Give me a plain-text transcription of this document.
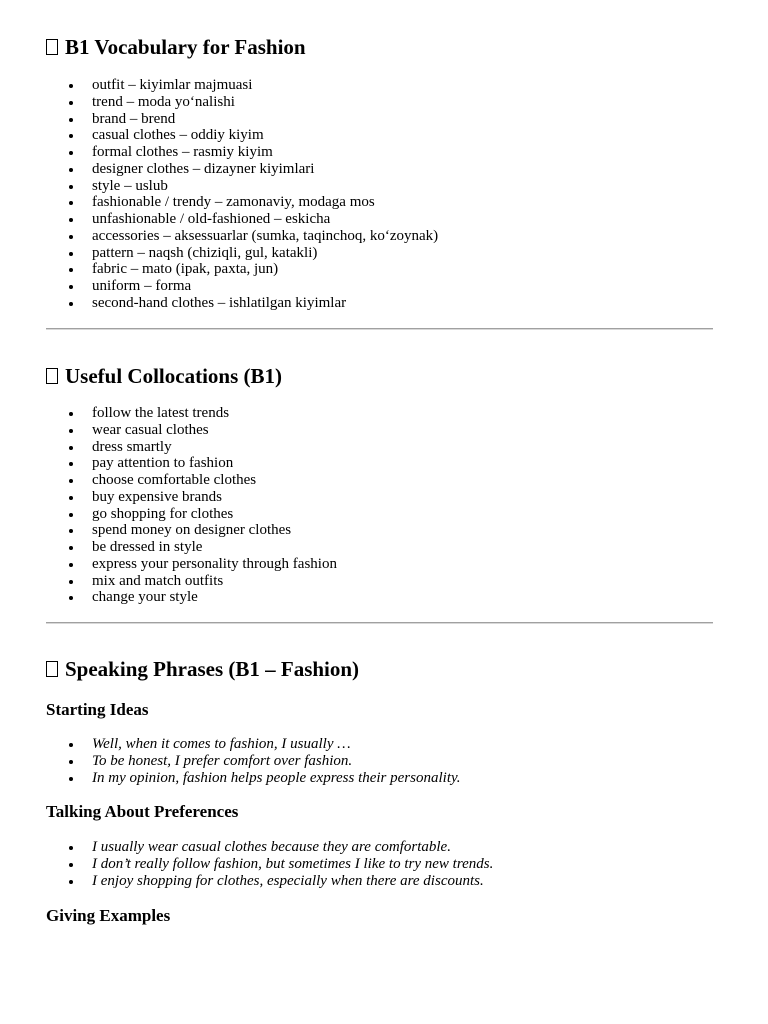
B1 Vocabulary for Fashion
outfit – kiyimlar majmuasi
trend – moda yo‘nalishi
brand – brend
casual clothes – oddiy kiyim
formal clothes – rasmiy kiyim
designer clothes – dizayner kiyimlari
style – uslub
fashionable / trendy – zamonaviy, modaga mos
unfashionable / old-fashioned – eskicha
accessories – aksessuarlar (sumka, taqinchoq, ko‘zoynak)
pattern – naqsh (chiziqli, gul, katakli)
fabric – mato (ipak, paxta, jun)
uniform – forma
second-hand clothes – ishlatilgan kiyimlar
Useful Collocations (B1)
follow the latest trends
wear casual clothes
dress smartly
pay attention to fashion
choose comfortable clothes
buy expensive brands
go shopping for clothes
spend money on designer clothes
be dressed in style
express your personality through fashion
mix and match outfits
change your style
Speaking Phrases (B1 – Fashion)
Starting Ideas
Well, when it comes to fashion, I usually …
To be honest, I prefer comfort over fashion.
In my opinion, fashion helps people express their personality.
Talking About Preferences
I usually wear casual clothes because they are comfortable.
I don’t really follow fashion, but sometimes I like to try new trends.
I enjoy shopping for clothes, especially when there are discounts.
Giving Examples
